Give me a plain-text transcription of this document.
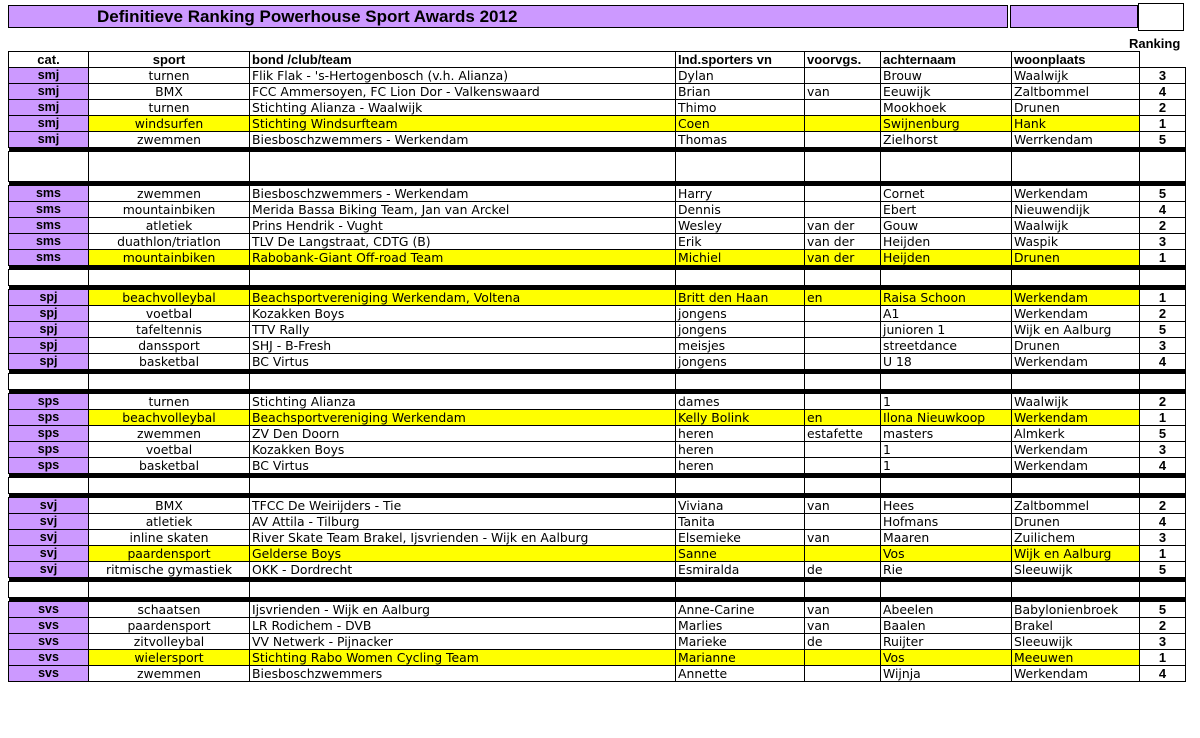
Definitieve Ranking Powerhouse Sport Awards 2012
Ranking
cat.	sport	bond /club/team	Ind.sporters vn	voorvgs.	achternaam	woonplaats	
smj	turnen	Flik Flak - 's-Hertogenbosch (v.h. Alianza)	Dylan		Brouw	Waalwijk	3
smj	BMX	FCC Ammersoyen, FC Lion Dor - Valkenswaard	Brian	van	Eeuwijk	Zaltbommel	4
smj	turnen	Stichting Alianza - Waalwijk	Thimo		Mookhoek	Drunen	2
smj	windsurfen	Stichting Windsurfteam	Coen		Swijnenburg	Hank	1
smj	zwemmen	Biesboschzwemmers - Werkendam	Thomas		Zielhorst	Werrkendam	5

sms	zwemmen	Biesboschzwemmers - Werkendam	Harry		Cornet	Werkendam	5
sms	mountainbiken	Merida Bassa Biking Team, Jan van Arckel	Dennis		Ebert	Nieuwendijk	4
sms	atletiek	Prins Hendrik - Vught	Wesley	van der	Gouw	Waalwijk	2
sms	duathlon/triatlon	TLV De Langstraat, CDTG (B)	Erik	van der	Heijden	Waspik	3
sms	mountainbiken	Rabobank-Giant Off-road Team	Michiel	van der	Heijden	Drunen	1

spj	beachvolleybal	Beachsportvereniging Werkendam, Voltena	Britt den Haan	en	Raisa Schoon	Werkendam	1
spj	voetbal	Kozakken Boys	jongens		A1	Werkendam	2
spj	tafeltennis	TTV Rally	jongens		junioren 1	Wijk en Aalburg	5
spj	danssport	SHJ - B-Fresh	meisjes		streetdance	Drunen	3
spj	basketbal	BC Virtus	jongens		U 18	Werkendam	4

sps	turnen	Stichting Alianza	dames		1	Waalwijk	2
sps	beachvolleybal	Beachsportvereniging Werkendam	Kelly Bolink	en	Ilona Nieuwkoop	Werkendam	1
sps	zwemmen	ZV Den Doorn	heren	estafette	masters	Almkerk	5
sps	voetbal	Kozakken Boys	heren		1	Werkendam	3
sps	basketbal	BC Virtus	heren		1	Werkendam	4

svj	BMX	TFCC De Weirijders - Tie	Viviana	van	Hees	Zaltbommel	2
svj	atletiek	AV Attila - Tilburg	Tanita		Hofmans	Drunen	4
svj	inline skaten	River Skate Team Brakel, Ijsvrienden - Wijk en Aalburg	Elsemieke	van	Maaren	Zuilichem	3
svj	paardensport	Gelderse Boys	Sanne		Vos	Wijk en Aalburg	1
svj	ritmische gymastiek	OKK - Dordrecht	Esmiralda	de	Rie	Sleeuwijk	5

svs	schaatsen	Ijsvrienden - Wijk en Aalburg	Anne-Carine	van	Abeelen	Babylonienbroek	5
svs	paardensport	LR Rodichem - DVB	Marlies	van	Baalen	Brakel	2
svs	zitvolleybal	VV Netwerk - Pijnacker	Marieke	de	Ruijter	Sleeuwijk	3
svs	wielersport	Stichting Rabo Women Cycling Team	Marianne		Vos	Meeuwen	1
svs	zwemmen	Biesboschzwemmers	Annette		Wijnja	Werkendam	4
